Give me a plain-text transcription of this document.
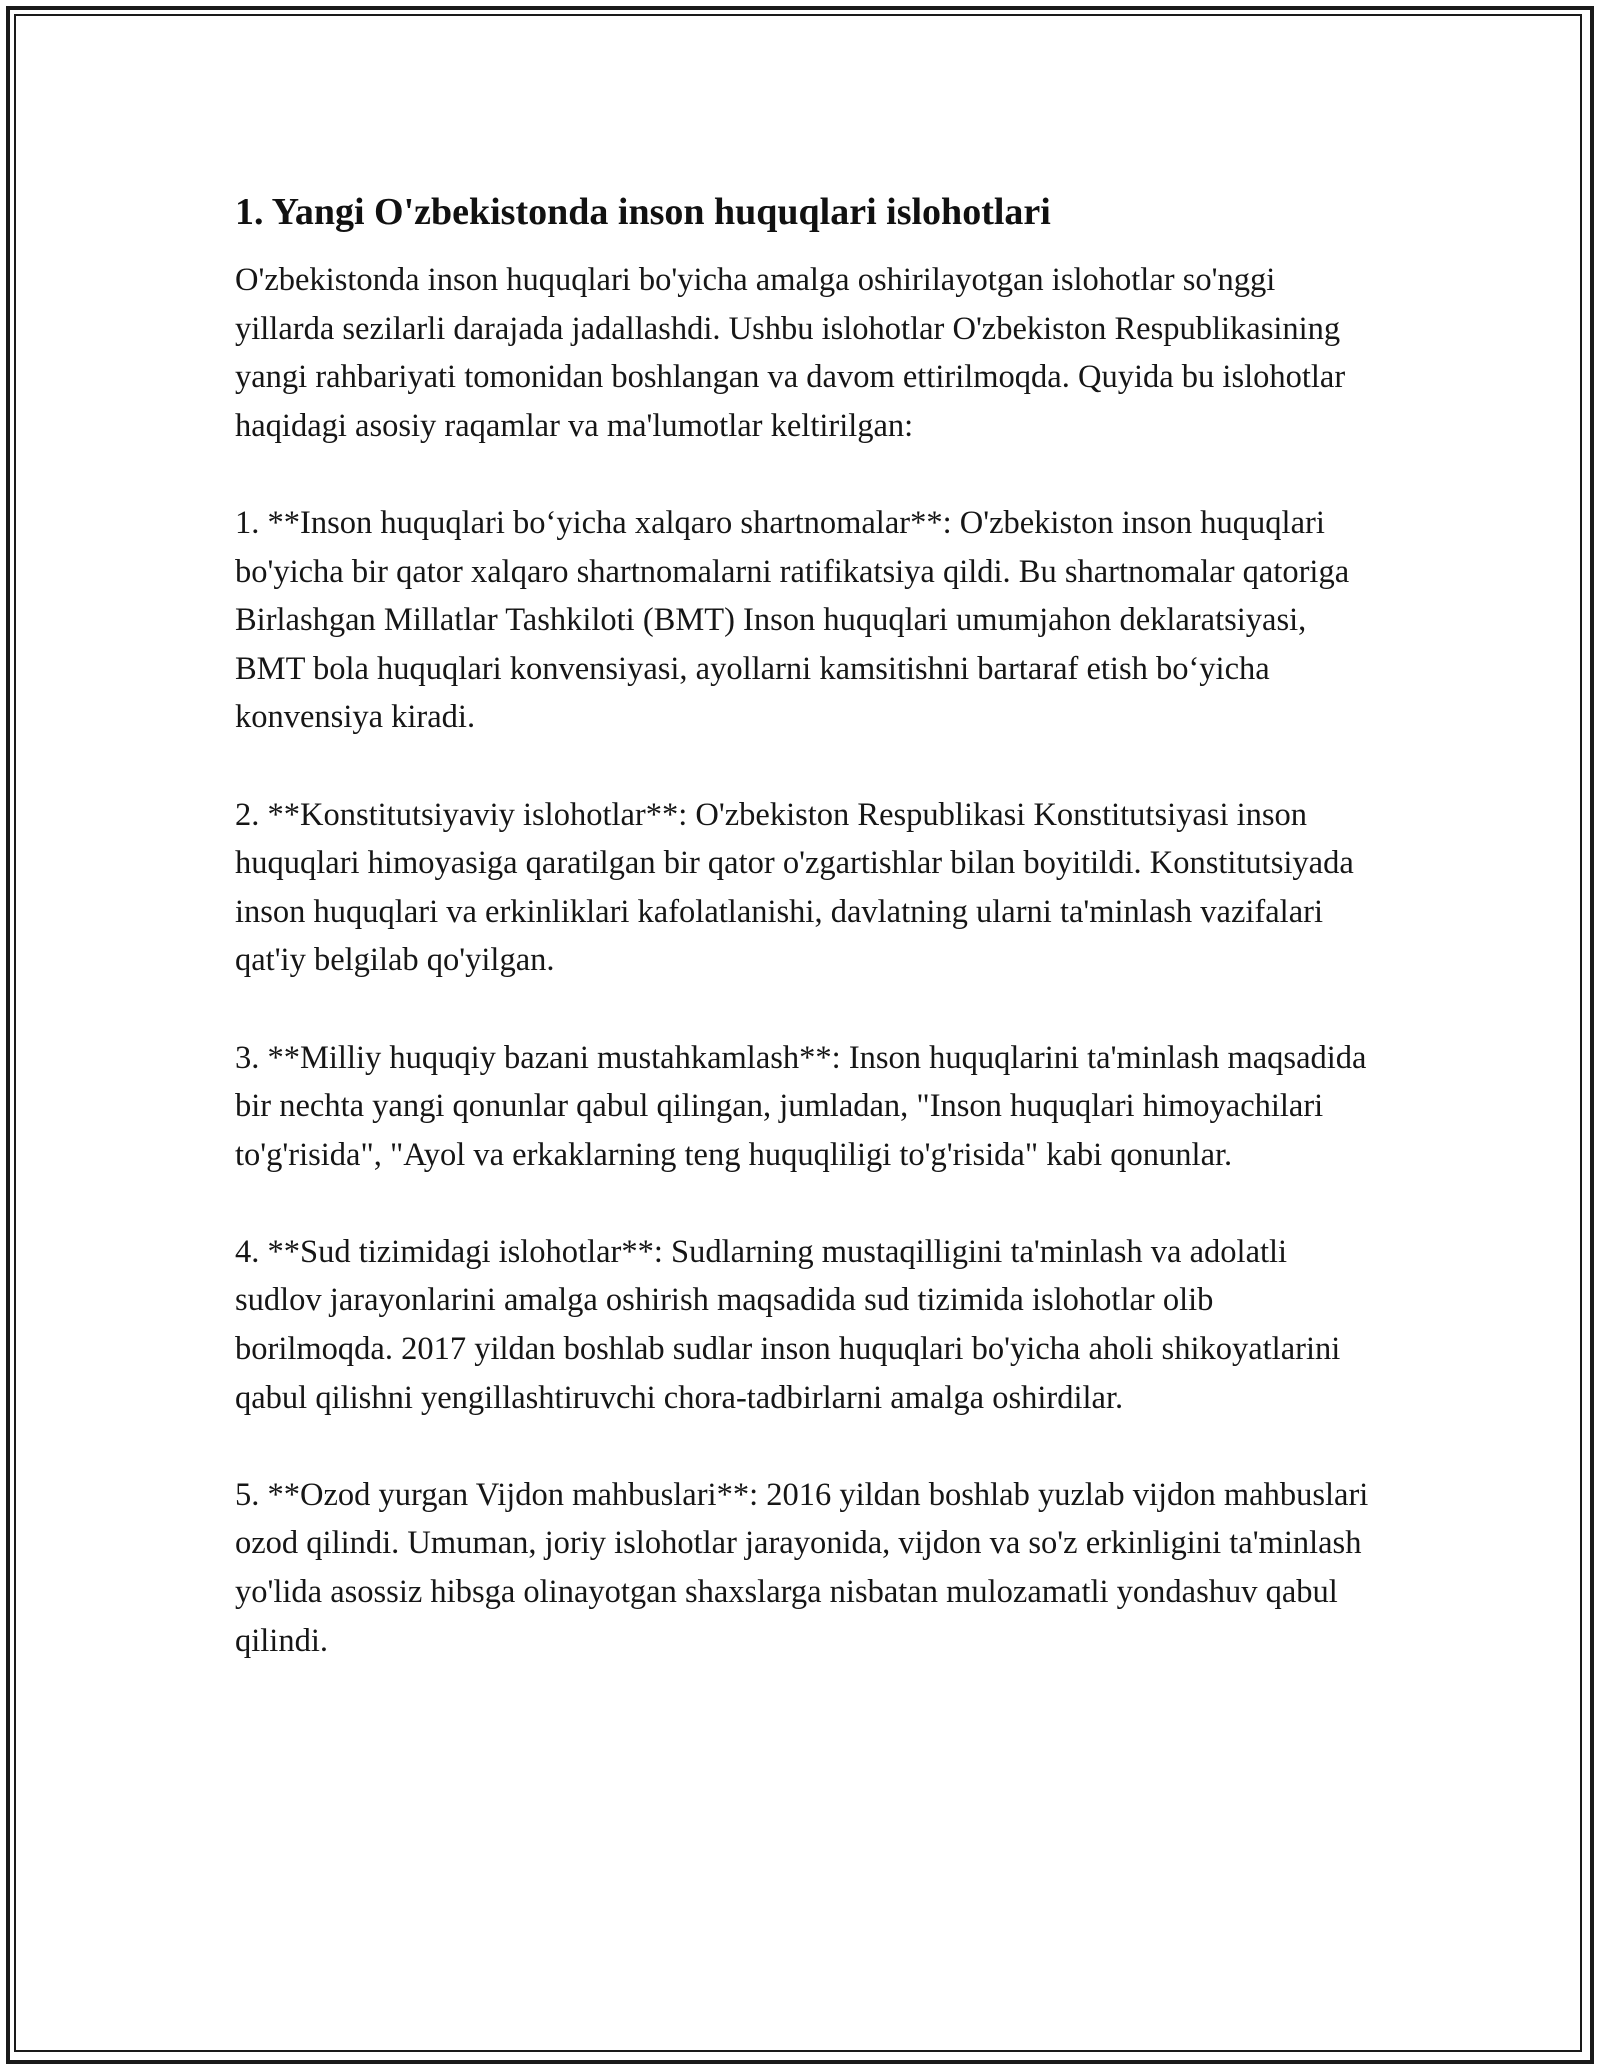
1. Yangi O'zbekistonda inson huquqlari islohotlari

O'zbekistonda inson huquqlari bo'yicha amalga oshirilayotgan islohotlar so'nggi yillarda sezilarli darajada jadallashdi. Ushbu islohotlar O'zbekiston Respublikasining yangi rahbariyati tomonidan boshlangan va davom ettirilmoqda. Quyida bu islohotlar haqidagi asosiy raqamlar va ma'lumotlar keltirilgan:

1. **Inson huquqlari bo‘yicha xalqaro shartnomalar**: O'zbekiston inson huquqlari bo'yicha bir qator xalqaro shartnomalarni ratifikatsiya qildi. Bu shartnomalar qatoriga Birlashgan Millatlar Tashkiloti (BMT) Inson huquqlari umumjahon deklaratsiyasi, BMT bola huquqlari konvensiyasi, ayollarni kamsitishni bartaraf etish bo‘yicha konvensiya kiradi.

2. **Konstitutsiyaviy islohotlar**: O'zbekiston Respublikasi Konstitutsiyasi inson huquqlari himoyasiga qaratilgan bir qator o'zgartishlar bilan boyitildi. Konstitutsiyada inson huquqlari va erkinliklari kafolatlanishi, davlatning ularni ta'minlash vazifalari qat'iy belgilab qo'yilgan.

3. **Milliy huquqiy bazani mustahkamlash**: Inson huquqlarini ta'minlash maqsadida bir nechta yangi qonunlar qabul qilingan, jumladan, "Inson huquqlari himoyachilari to'g'risida", "Ayol va erkaklarning teng huquqliligi to'g'risida" kabi qonunlar.

4. **Sud tizimidagi islohotlar**: Sudlarning mustaqilligini ta'minlash va adolatli sudlov jarayonlarini amalga oshirish maqsadida sud tizimida islohotlar olib borilmoqda. 2017 yildan boshlab sudlar inson huquqlari bo'yicha aholi shikoyatlarini qabul qilishni yengillashtiruvchi chora-tadbirlarni amalga oshirdilar.

5. **Ozod yurgan Vijdon mahbuslari**: 2016 yildan boshlab yuzlab vijdon mahbuslari ozod qilindi. Umuman, joriy islohotlar jarayonida, vijdon va so'z erkinligini ta'minlash yo'lida asossiz hibsga olinayotgan shaxslarga nisbatan mulozamatli yondashuv qabul qilindi.
